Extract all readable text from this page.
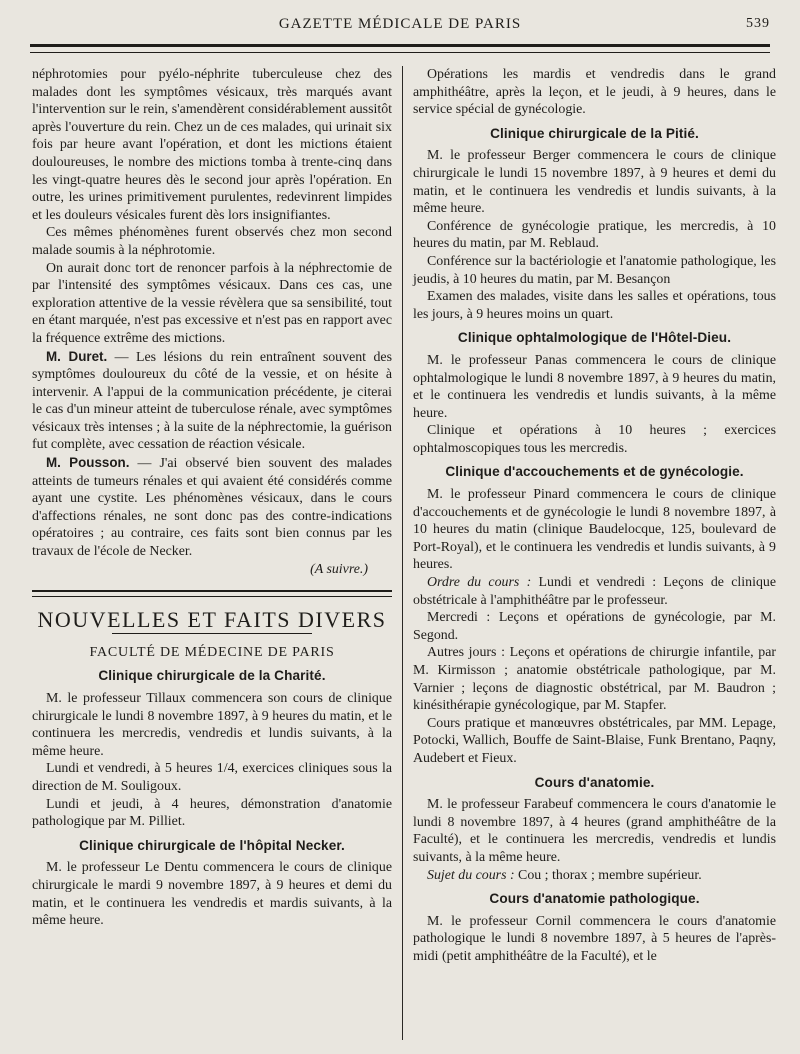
GAZETTE MÉDICALE DE PARIS	539

néphrotomies pour pyélo-néphrite tuberculeuse chez des malades dont les symptômes vésicaux, très marqués avant l'intervention sur le rein, s'amendèrent considérablement aussitôt après l'ouverture du rein. Chez un de ces malades, qui urinait six fois par heure avant l'opération, et dont les mictions étaient douloureuses, le nombre des mictions tomba à trente-cinq dans les vingt-quatre heures dès le second jour après l'opération. En outre, les urines primitivement purulentes, redevinrent limpides et les douleurs vésicales furent dès lors insignifiantes.

Ces mêmes phénomènes furent observés chez mon second malade soumis à la néphrotomie.

On aurait donc tort de renoncer parfois à la néphrectomie de par l'intensité des symptômes vésicaux. Dans ces cas, une exploration attentive de la vessie révèlera que sa sensibilité, tout en étant marquée, n'est pas excessive et n'est pas en rapport avec la fréquence extrême des mictions.

M. Duret. — Les lésions du rein entraînent souvent des symptômes douloureux du côté de la vessie, et on hésite à intervenir. A l'appui de la communication précédente, je citerai le cas d'un mineur atteint de tuberculose rénale, avec symptômes vésicaux très intenses ; à la suite de la néphrectomie, la guérison fut complète, avec cessation de réaction vésicale.

M. Pousson. — J'ai observé bien souvent des malades atteints de tumeurs rénales et qui avaient été considérés comme ayant une cystite. Les phénomènes vésicaux, dans le cours d'affections rénales, ne sont donc pas des contre-indications opératoires ; au contraire, ces faits sont bien connus par les travaux de l'école de Necker.

(A suivre.)

NOUVELLES ET FAITS DIVERS
FACULTÉ DE MÉDECINE DE PARIS
Clinique chirurgicale de la Charité.

M. le professeur Tillaux commencera son cours de clinique chirurgicale le lundi 8 novembre 1897, à 9 heures du matin, et le continuera les mercredis, vendredis et lundis suivants, à la même heure.

Lundi et vendredi, à 5 heures 1/4, exercices cliniques sous la direction de M. Souligoux.

Lundi et jeudi, à 4 heures, démonstration d'anatomie pathologique par M. Pilliet.

Clinique chirurgicale de l'hôpital Necker.

M. le professeur Le Dentu commencera le cours de clinique chirurgicale le mardi 9 novembre 1897, à 9 heures et demi du matin, et le continuera les vendredis et mardis suivants, à la même heure.

Opérations les mardis et vendredis dans le grand amphithéâtre, après la leçon, et le jeudi, à 9 heures, dans le service spécial de gynécologie.

Clinique chirurgicale de la Pitié.

M. le professeur Berger commencera le cours de clinique chirurgicale le lundi 15 novembre 1897, à 9 heures et demi du matin, et le continuera les vendredis et lundis suivants, à la même heure.

Conférence de gynécologie pratique, les mercredis, à 10 heures du matin, par M. Reblaud.

Conférence sur la bactériologie et l'anatomie pathologique, les jeudis, à 10 heures du matin, par M. Besançon

Examen des malades, visite dans les salles et opérations, tous les jours, à 9 heures moins un quart.

Clinique ophtalmologique de l'Hôtel-Dieu.

M. le professeur Panas commencera le cours de clinique ophtalmologique le lundi 8 novembre 1897, à 9 heures du matin, et le continuera les vendredis et lundis suivants, à la même heure.

Clinique et opérations à 10 heures ; exercices ophtalmoscopiques tous les mercredis.

Clinique d'accouchements et de gynécologie.

M. le professeur Pinard commencera le cours de clinique d'accouchements et de gynécologie le lundi 8 novembre 1897, à 10 heures du matin (clinique Baudelocque, 125, boulevard de Port-Royal), et le continuera les vendredis et lundis suivants, à 9 heures.

Ordre du cours : Lundi et vendredi : Leçons de clinique obstétricale à l'amphithéâtre par le professeur.

Mercredi : Leçons et opérations de gynécologie, par M. Segond.

Autres jours : Leçons et opérations de chirurgie infantile, par M. Kirmisson ; anatomie obstétricale pathologique, par M. Varnier ; leçons de diagnostic obstétrical, par M. Baudron ; kinésithérapie gynécologique, par M. Stapfer.

Cours pratique et manœuvres obstétricales, par MM. Lepage, Potocki, Wallich, Bouffe de Saint-Blaise, Funk Brentano, Paqny, Audebert et Fieux.

Cours d'anatomie.

M. le professeur Farabeuf commencera le cours d'anatomie le lundi 8 novembre 1897, à 4 heures (grand amphithéâtre de la Faculté), et le continuera les mercredis, vendredis et lundis suivants, à la même heure.

Sujet du cours : Cou ; thorax ; membre supérieur.

Cours d'anatomie pathologique.

M. le professeur Cornil commencera le cours d'anatomie pathologique le lundi 8 novembre 1897, à 5 heures de l'après-midi (petit amphithéâtre de la Faculté), et le
